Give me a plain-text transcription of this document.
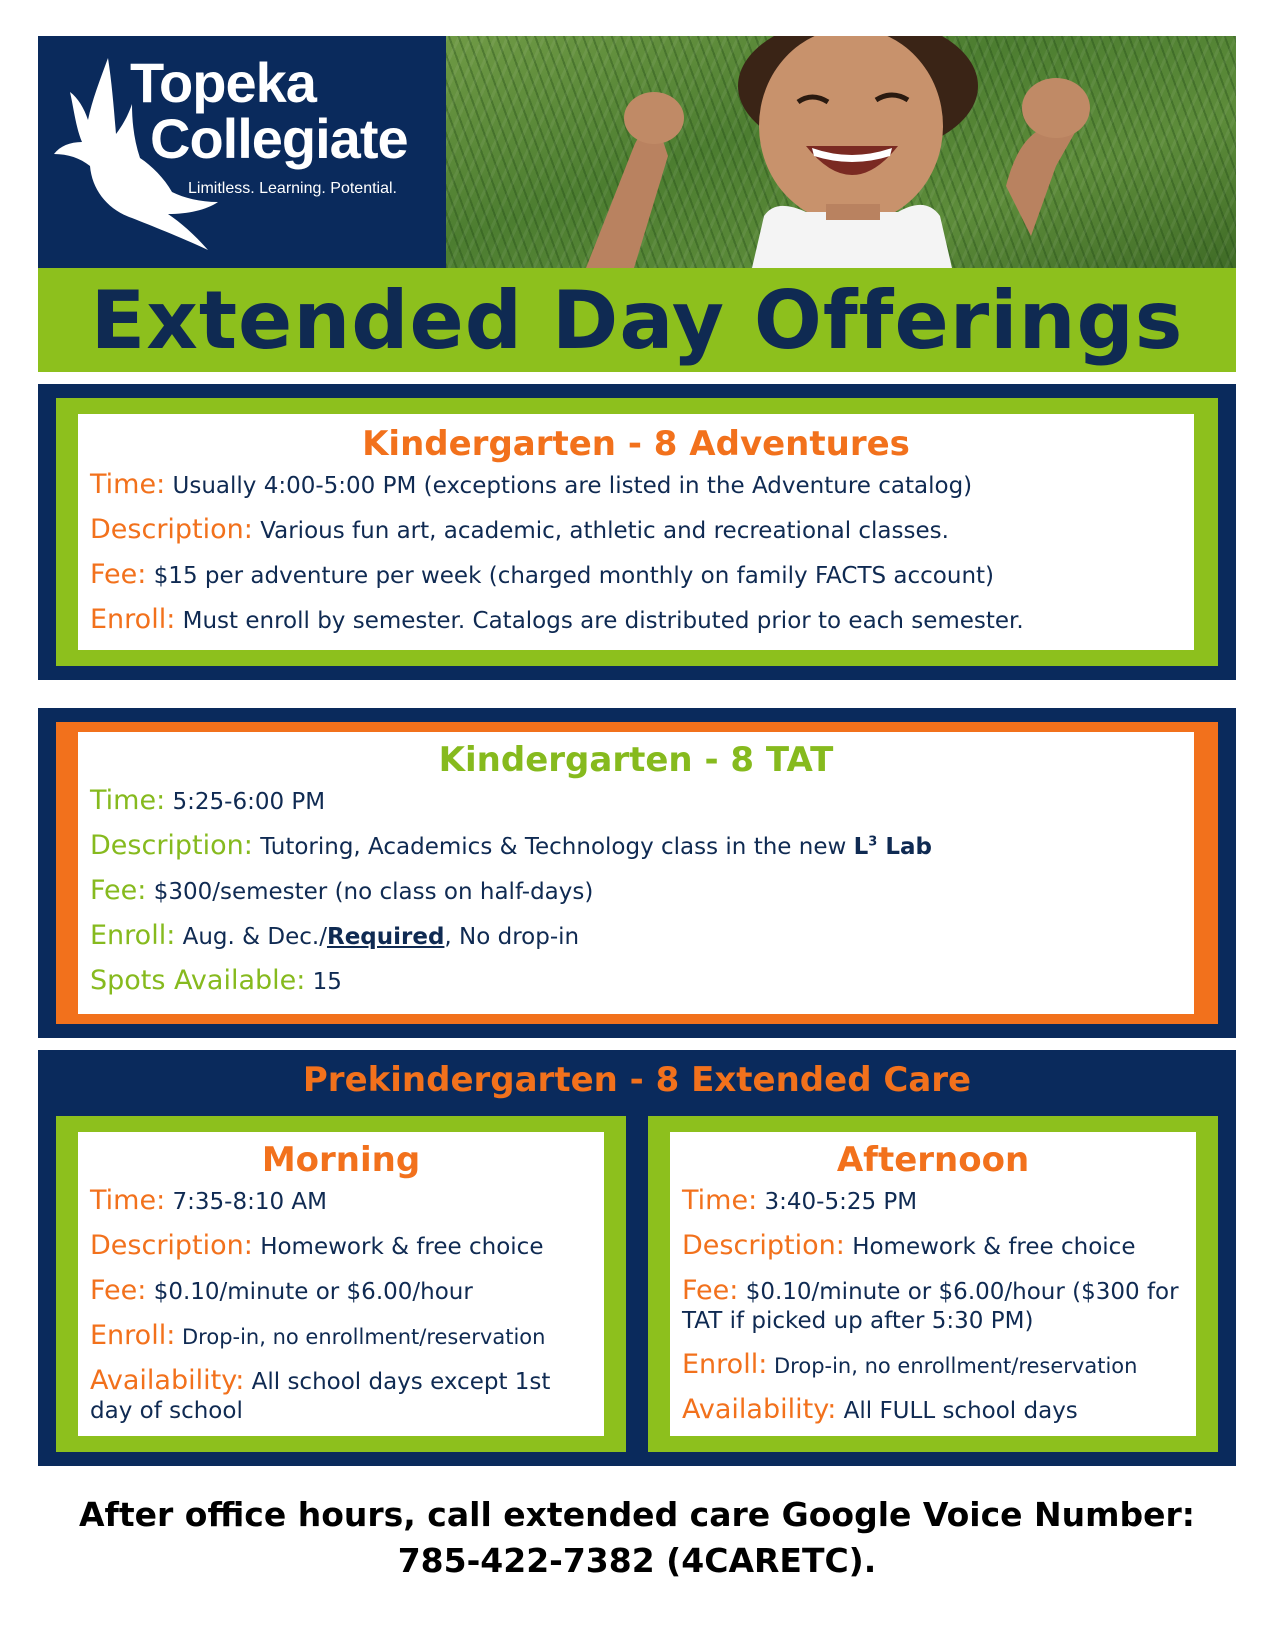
Topeka
Collegiate
Limitless. Learning. Potential.
Extended Day Offerings

Kindergarten - 8 Adventures

Time: Usually 4:00-5:00 PM (exceptions are listed in the Adventure catalog)

Description: Various fun art, academic, athletic and recreational classes.

Fee: $15 per adventure per week (charged monthly on family FACTS account)

Enroll: Must enroll by semester. Catalogs are distributed prior to each semester.

Kindergarten - 8 TAT

Time: 5:25-6:00 PM

Description: Tutoring, Academics & Technology class in the new $L^3$ Lab

Fee: $300/semester (no class on half-days)

Enroll: Aug. & Dec./Required, No drop-in

Spots Available: 15

Prekindergarten - 8 Extended Care

Morning

Time: 7:35-8:10 AM

Description: Homework & free choice

Fee: $0.10/minute or $6.00/hour

Enroll: Drop-in, no enrollment/reservation

Availability: All school days except 1st day of school

Afternoon

Time: 3:40-5:25 PM

Description: Homework & free choice

Fee: $0.10/minute or $6.00/hour ($300 for TAT if picked up after 5:30 PM)

Enroll: Drop-in, no enrollment/reservation

Availability: All FULL school days

After office hours, call extended care Google Voice Number:
785-422-7382 (4CARETC).
